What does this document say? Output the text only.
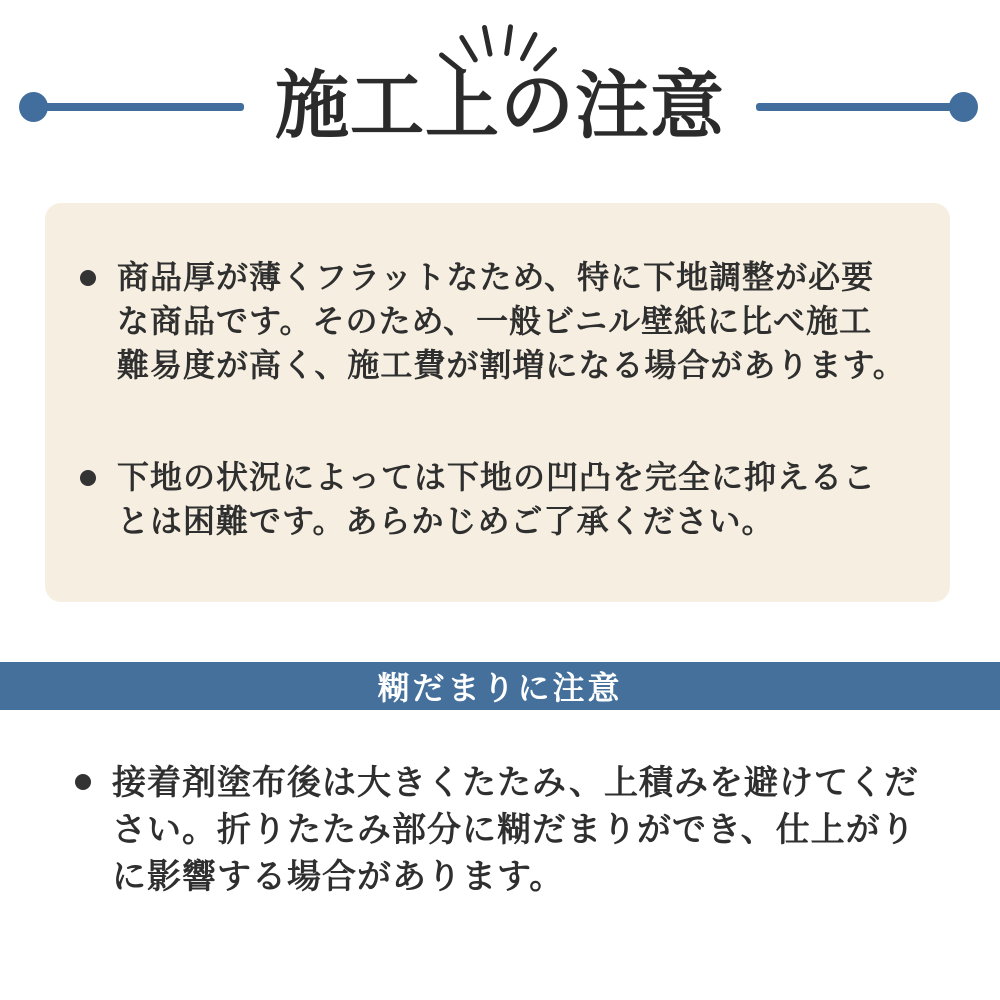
施工上の注意
商品厚が薄くフラットなため、特に下地調整が必要
な商品です。そのため、一般ビニル壁紙に比べ施工
難易度が高く、施工費が割増になる場合があります。
下地の状況によっては下地の凹凸を完全に抑えるこ
とは困難です。あらかじめご了承ください。
糊だまりに注意
接着剤塗布後は大きくたたみ、上積みを避けてくだ
さい。折りたたみ部分に糊だまりができ、仕上がり
に影響する場合があります。
